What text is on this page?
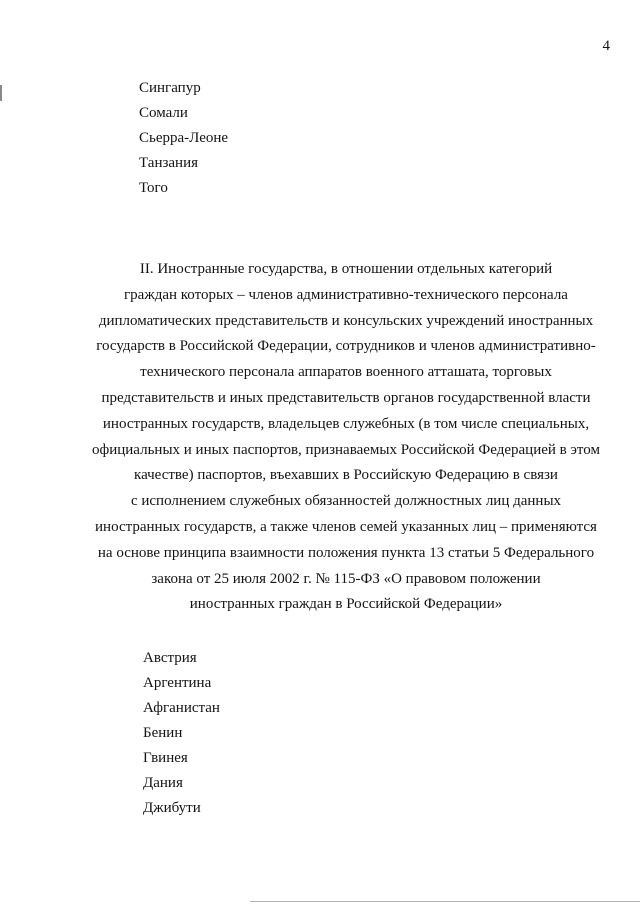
4
Сингапур
Сомали
Сьерра-Леоне
Танзания
Того

II. Иностранные государства, в отношении отдельных категорий
граждан которых – членов административно-технического персонала
дипломатических представительств и консульских учреждений иностранных
государств в Российской Федерации, сотрудников и членов административно-
технического персонала аппаратов военного атташата, торговых
представительств и иных представительств органов государственной власти
иностранных государств, владельцев служебных (в том числе специальных,
официальных и иных паспортов, признаваемых Российской Федерацией в этом
качестве) паспортов, въехавших в Российскую Федерацию в связи
с исполнением служебных обязанностей должностных лиц данных
иностранных государств, а также членов семей указанных лиц – применяются
на основе принципа взаимности положения пункта 13 статьи 5 Федерального
закона от 25 июля 2002 г. № 115-ФЗ «О правовом положении
иностранных граждан в Российской Федерации»

Австрия
Аргентина
Афганистан
Бенин
Гвинея
Дания
Джибути
